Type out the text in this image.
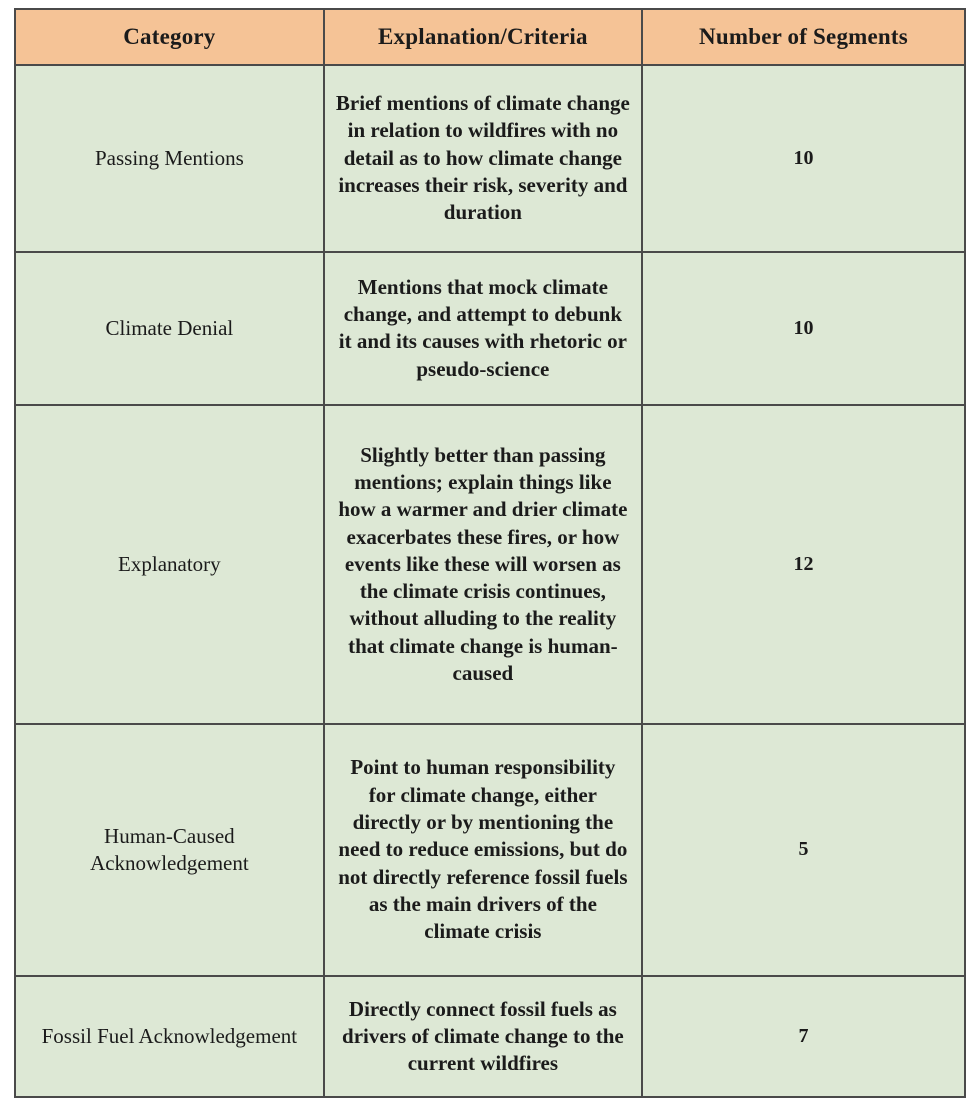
Category	Explanation/Criteria	Number of Segments
Passing Mentions	Brief mentions of climate change in relation to wildfires with no detail as to how climate change increases their risk, severity and duration	10
Climate Denial	Mentions that mock climate change, and attempt to debunk it and its causes with rhetoric or pseudo-science	10
Explanatory	Slightly better than passing mentions; explain things like how a warmer and drier climate exacerbates these fires, or how events like these will worsen as the climate crisis continues, without alluding to the reality that climate change is human-caused	12
Human-Caused Acknowledgement	Point to human responsibility for climate change, either directly or by mentioning the need to reduce emissions, but do not directly reference fossil fuels as the main drivers of the climate crisis	5
Fossil Fuel Acknowledgement	Directly connect fossil fuels as drivers of climate change to the current wildfires	7
